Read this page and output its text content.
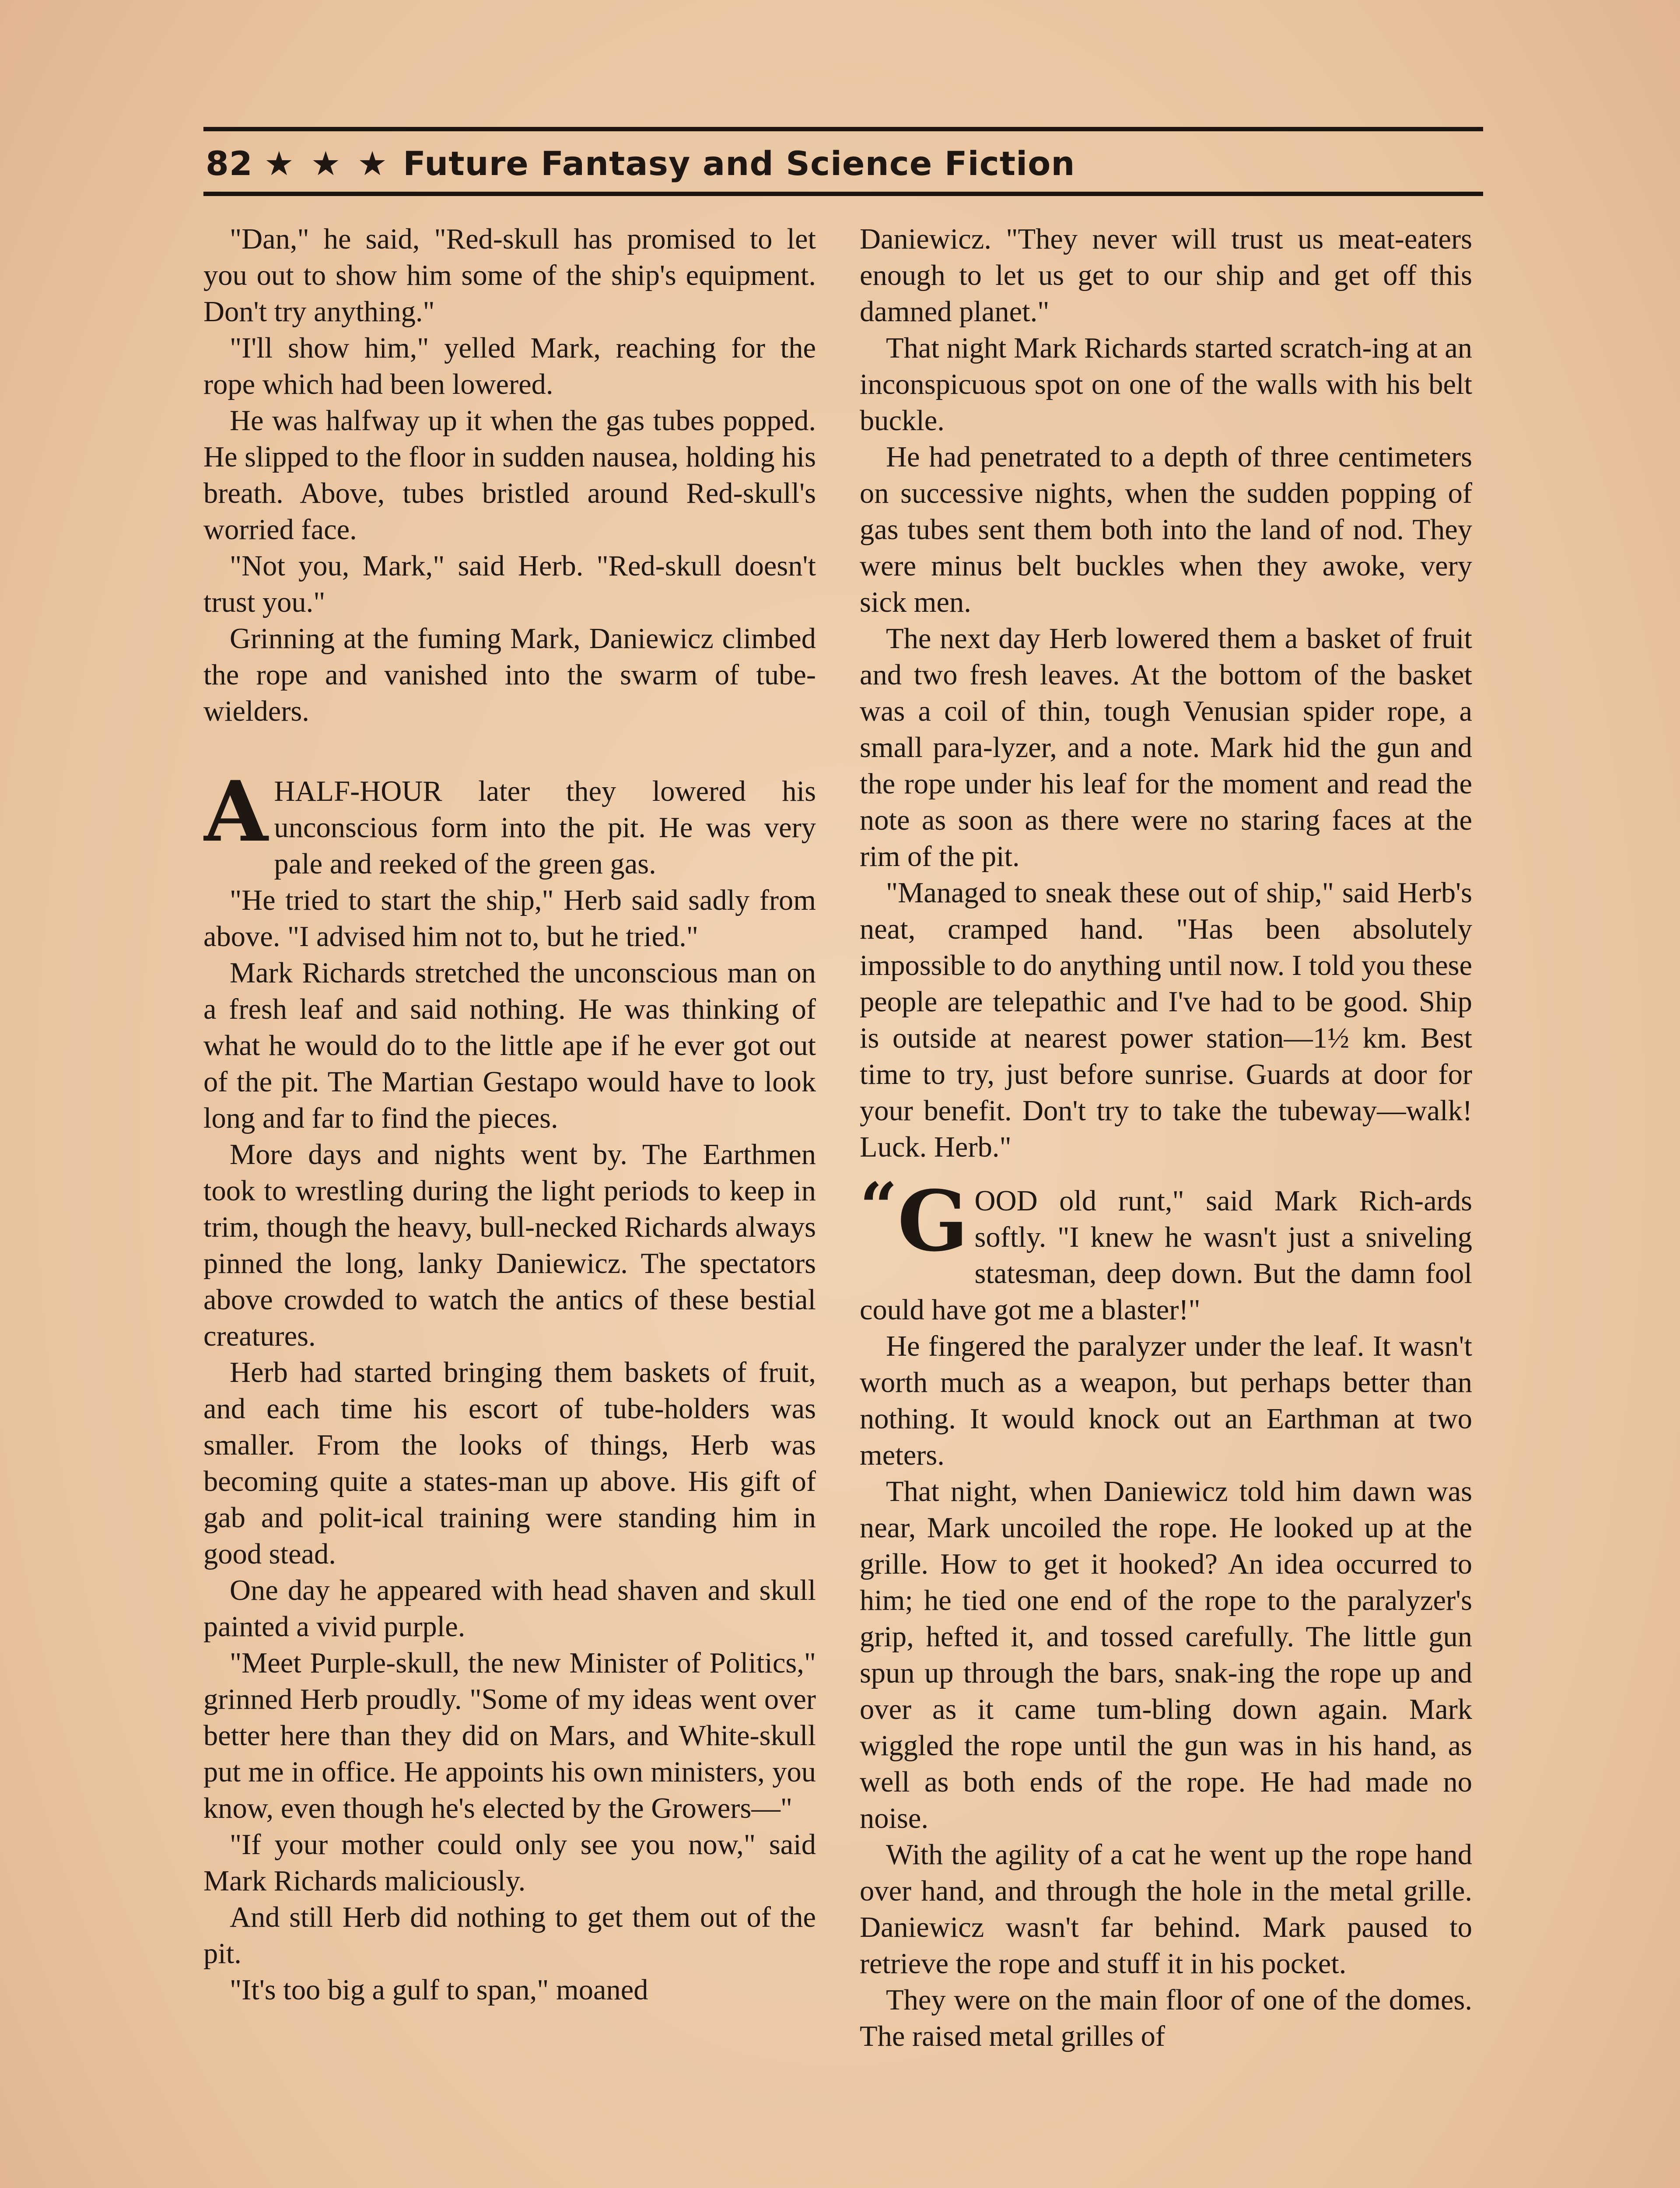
82 ★ ★ ★ Future Fantasy and Science Fiction

"Dan," he said, "Red-skull has promised to let you out to show him some of the ship's equipment. Don't try anything."

"I'll show him," yelled Mark, reaching for the rope which had been lowered.

He was halfway up it when the gas tubes popped. He slipped to the floor in sudden nausea, holding his breath. Above, tubes bristled around Red-skull's worried face.

"Not you, Mark," said Herb. "Red-skull doesn't trust you."

Grinning at the fuming Mark, Daniewicz climbed the rope and vanished into the swarm of tube-wielders.

AHALF-HOUR later they lowered his unconscious form into the pit. He was very pale and reeked of the green gas.

"He tried to start the ship," Herb said sadly from above. "I advised him not to, but he tried."

Mark Richards stretched the unconscious man on a fresh leaf and said nothing. He was thinking of what he would do to the little ape if he ever got out of the pit. The Martian Gestapo would have to look long and far to find the pieces.

More days and nights went by. The Earthmen took to wrestling during the light periods to keep in trim, though the heavy, bull-necked Richards always pinned the long, lanky Daniewicz. The spectators above crowded to watch the antics of these bestial creatures.

Herb had started bringing them baskets of fruit, and each time his escort of tube-holders was smaller. From the looks of things, Herb was becoming quite a states-man up above. His gift of gab and polit-ical training were standing him in good stead.

One day he appeared with head shaven and skull painted a vivid purple.

"Meet Purple-skull, the new Minister of Politics," grinned Herb proudly. "Some of my ideas went over better here than they did on Mars, and White-skull put me in office. He appoints his own ministers, you know, even though he's elected by the Growers—"

"If your mother could only see you now," said Mark Richards maliciously.

And still Herb did nothing to get them out of the pit.

"It's too big a gulf to span," moaned

Daniewicz. "They never will trust us meat-eaters enough to let us get to our ship and get off this damned planet."

That night Mark Richards started scratch-ing at an inconspicuous spot on one of the walls with his belt buckle.

He had penetrated to a depth of three centimeters on successive nights, when the sudden popping of gas tubes sent them both into the land of nod. They were minus belt buckles when they awoke, very sick men.

The next day Herb lowered them a basket of fruit and two fresh leaves. At the bottom of the basket was a coil of thin, tough Venusian spider rope, a small para-lyzer, and a note. Mark hid the gun and the rope under his leaf for the moment and read the note as soon as there were no staring faces at the rim of the pit.

"Managed to sneak these out of ship," said Herb's neat, cramped hand. "Has been absolutely impossible to do anything until now. I told you these people are telepathic and I've had to be good. Ship is outside at nearest power station—1½ km. Best time to try, just before sunrise. Guards at door for your benefit. Don't try to take the tubeway—walk! Luck. Herb."

“ G OOD old runt," said Mark Rich-ards softly. "I knew he wasn't just a sniveling statesman, deep down. But the damn fool could have got me a blaster!"

He fingered the paralyzer under the leaf. It wasn't worth much as a weapon, but perhaps better than nothing. It would knock out an Earthman at two meters.

That night, when Daniewicz told him dawn was near, Mark uncoiled the rope. He looked up at the grille. How to get it hooked? An idea occurred to him; he tied one end of the rope to the paralyzer's grip, hefted it, and tossed carefully. The little gun spun up through the bars, snak-ing the rope up and over as it came tum-bling down again. Mark wiggled the rope until the gun was in his hand, as well as both ends of the rope. He had made no noise.

With the agility of a cat he went up the rope hand over hand, and through the hole in the metal grille. Daniewicz wasn't far behind. Mark paused to retrieve the rope and stuff it in his pocket.

They were on the main floor of one of the domes. The raised metal grilles of
